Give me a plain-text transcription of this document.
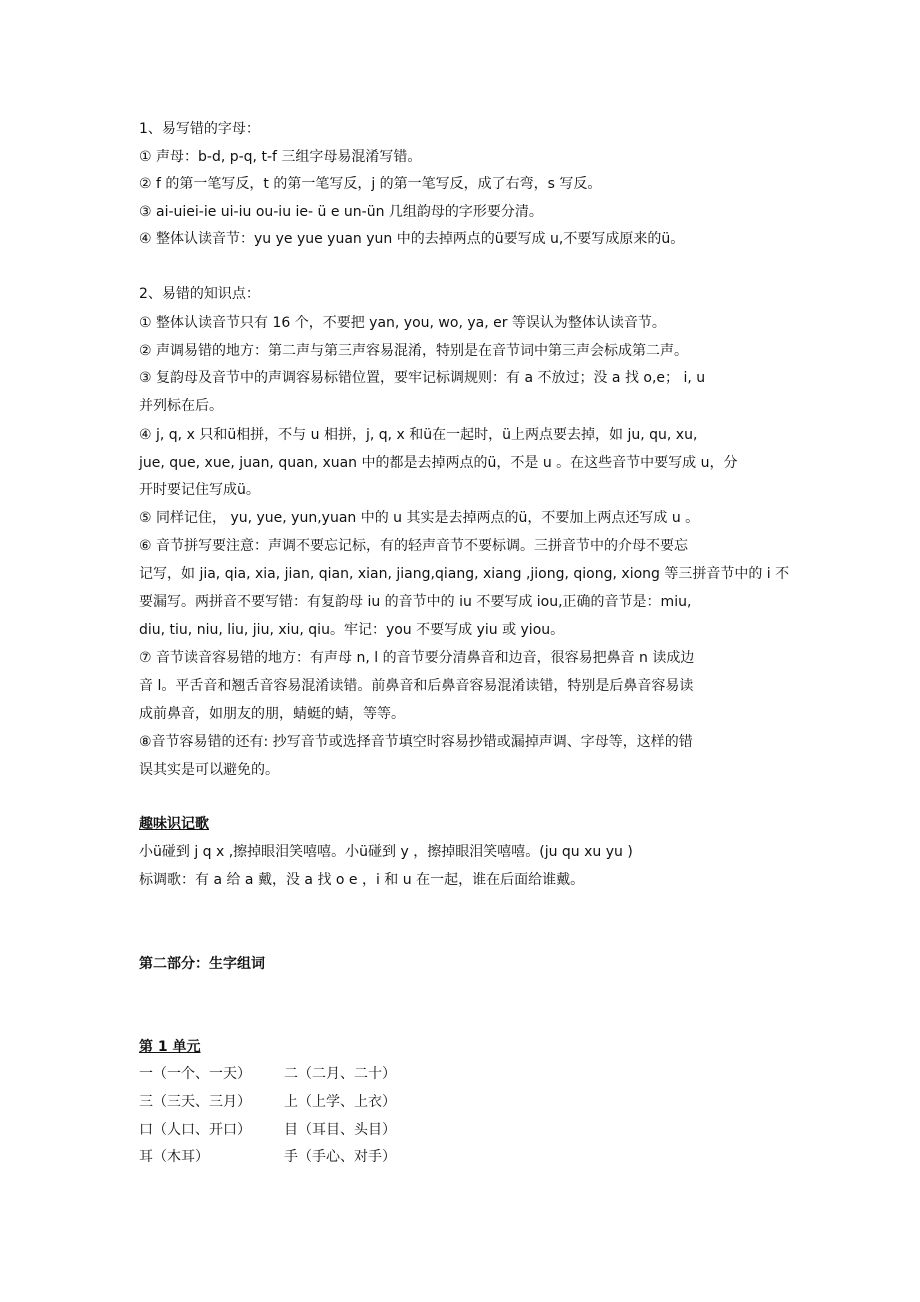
1、易写错的字母：
① 声母：b-d, p-q, t-f 三组字母易混淆写错。
② f 的第一笔写反，t 的第一笔写反，j 的第一笔写反，成了右弯，s 写反。
③ ai-uiei-ie ui-iu ou-iu ie- ü e un-ün 几组韵母的字形要分清。
④ 整体认读音节：yu ye yue yuan yun 中的去掉两点的ü要写成 u,不要写成原来的ü。
2、易错的知识点：
① 整体认读音节只有 16 个，不要把 yan, you, wo, ya, er 等误认为整体认读音节。
② 声调易错的地方：第二声与第三声容易混淆，特别是在音节词中第三声会标成第二声。
③ 复韵母及音节中的声调容易标错位置，要牢记标调规则：有 a 不放过；没 a 找 o,e； i, u
并列标在后。
④ j, q, x 只和ü相拼，不与 u 相拼，j, q, x 和ü在一起时，ü上两点要去掉，如 ju, qu, xu,
jue, que, xue, juan, quan, xuan 中的都是去掉两点的ü，不是 u 。在这些音节中要写成 u，分
开时要记住写成ü。
⑤ 同样记住， yu, yue, yun,yuan 中的 u 其实是去掉两点的ü，不要加上两点还写成 u 。
⑥ 音节拼写要注意：声调不要忘记标，有的轻声音节不要标调。三拼音节中的介母不要忘
记写，如 jia, qia, xia, jian, qian, xian, jiang,qiang, xiang ,jiong, qiong, xiong 等三拼音节中的 i 不
要漏写。两拼音不要写错：有复韵母 iu 的音节中的 iu 不要写成 iou,正确的音节是：miu,
diu, tiu, niu, liu, jiu, xiu, qiu。牢记：you 不要写成 yiu 或 yiou。
⑦ 音节读音容易错的地方：有声母 n, l 的音节要分清鼻音和边音，很容易把鼻音 n 读成边
音 l。平舌音和翘舌音容易混淆读错。前鼻音和后鼻音容易混淆读错，特别是后鼻音容易读
成前鼻音，如朋友的朋，蜻蜓的蜻，等等。
⑧音节容易错的还有: 抄写音节或选择音节填空时容易抄错或漏掉声调、字母等，这样的错
误其实是可以避免的。
趣味识记歌
小ü碰到 j q x ,擦掉眼泪笑嘻嘻。小ü碰到 y ，擦掉眼泪笑嘻嘻。(ju qu xu yu )
标调歌：有 a 给 a 戴，没 a 找 o e ，i 和 u 在一起，谁在后面给谁戴。
第二部分：生字组词
第 1 单元
一（一个、一天） 二（二月、二十）
三（三天、三月） 上（上学、上衣）
口（人口、开口） 目（耳目、头目）
耳（木耳）	手（手心、对手）
